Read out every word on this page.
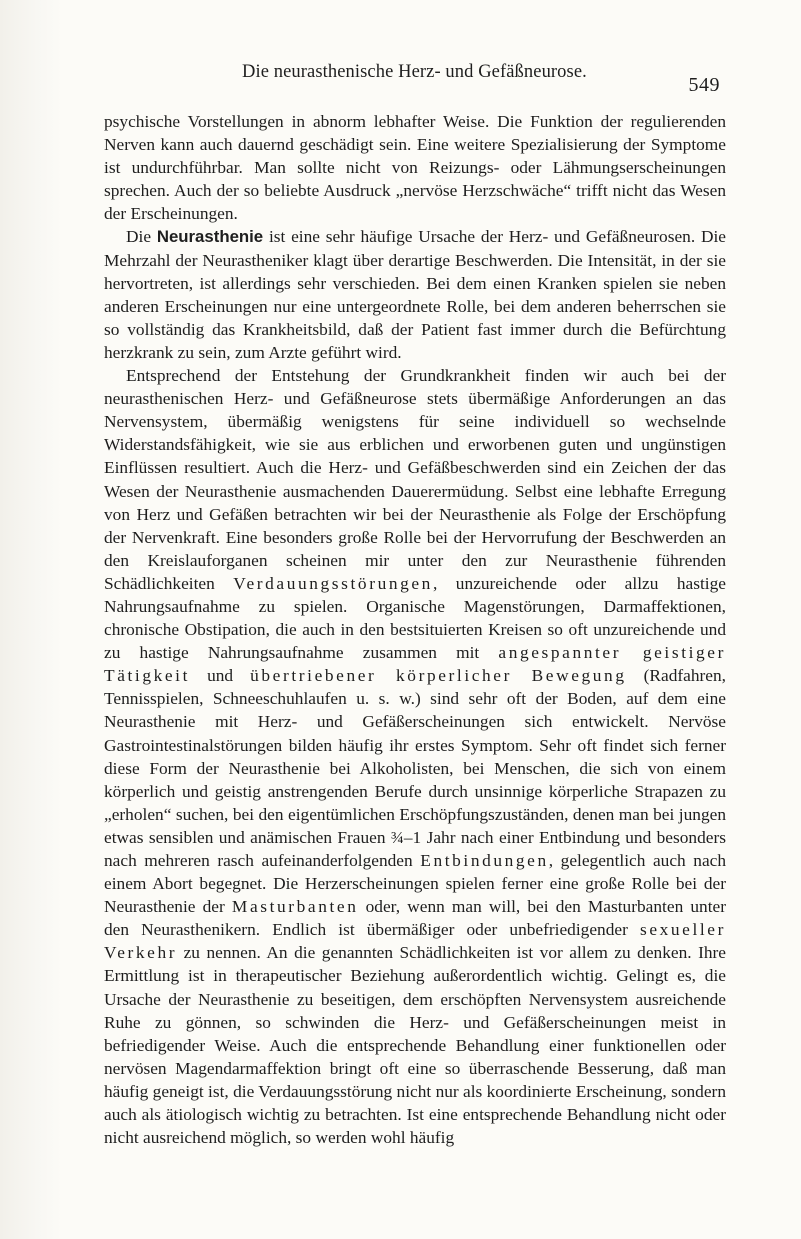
Die neurasthenische Herz- und Gefäßneurose.
549

psychische Vorstellungen in abnorm lebhafter Weise. Die Funktion der regulierenden Nerven kann auch dauernd geschädigt sein. Eine weitere Spezialisierung der Symptome ist undurchführbar. Man sollte nicht von Reizungs- oder Lähmungserscheinungen sprechen. Auch der so beliebte Ausdruck „nervöse Herzschwäche“ trifft nicht das Wesen der Erscheinungen.

Die Neurasthenie ist eine sehr häufige Ursache der Herz- und Gefäßneurosen. Die Mehrzahl der Neurastheniker klagt über derartige Beschwerden. Die Intensität, in der sie hervortreten, ist allerdings sehr verschieden. Bei dem einen Kranken spielen sie neben anderen Erscheinungen nur eine untergeordnete Rolle, bei dem anderen beherrschen sie so vollständig das Krankheitsbild, daß der Patient fast immer durch die Befürchtung herzkrank zu sein, zum Arzte geführt wird.

Entsprechend der Entstehung der Grundkrankheit finden wir auch bei der neurasthenischen Herz- und Gefäßneurose stets übermäßige Anforderungen an das Nervensystem, übermäßig wenigstens für seine individuell so wechselnde Widerstandsfähigkeit, wie sie aus erblichen und erworbenen guten und ungünstigen Einflüssen resultiert. Auch die Herz- und Gefäßbeschwerden sind ein Zeichen der das Wesen der Neurasthenie ausmachenden Dauerermüdung. Selbst eine lebhafte Erregung von Herz und Gefäßen betrachten wir bei der Neurasthenie als Folge der Erschöpfung der Nervenkraft. Eine besonders große Rolle bei der Hervorrufung der Beschwerden an den Kreislauforganen scheinen mir unter den zur Neurasthenie führenden Schädlichkeiten Verdauungsstörungen, unzureichende oder allzu hastige Nahrungsaufnahme zu spielen. Organische Magenstörungen, Darmaffektionen, chronische Obstipation, die auch in den bestsituierten Kreisen so oft unzureichende und zu hastige Nahrungsaufnahme zusammen mit angespannter geistiger Tätigkeit und übertriebener körperlicher Bewegung (Radfahren, Tennisspielen, Schneeschuhlaufen u. s. w.) sind sehr oft der Boden, auf dem eine Neurasthenie mit Herz- und Gefäßerscheinungen sich entwickelt. Nervöse Gastrointestinalstörungen bilden häufig ihr erstes Symptom. Sehr oft findet sich ferner diese Form der Neurasthenie bei Alkoholisten, bei Menschen, die sich von einem körperlich und geistig anstrengenden Berufe durch unsinnige körperliche Strapazen zu „erholen“ suchen, bei den eigentümlichen Erschöpfungszuständen, denen man bei jungen etwas sensiblen und anämischen Frauen ¾–1 Jahr nach einer Entbindung und besonders nach mehreren rasch aufeinanderfolgenden Entbindungen, gelegentlich auch nach einem Abort begegnet. Die Herzerscheinungen spielen ferner eine große Rolle bei der Neurasthenie der Masturbanten oder, wenn man will, bei den Masturbanten unter den Neurasthenikern. Endlich ist übermäßiger oder unbefriedigender sexueller Verkehr zu nennen. An die genannten Schädlichkeiten ist vor allem zu denken. Ihre Ermittlung ist in therapeutischer Beziehung außerordentlich wichtig. Gelingt es, die Ursache der Neurasthenie zu beseitigen, dem erschöpften Nervensystem ausreichende Ruhe zu gönnen, so schwinden die Herz- und Gefäßerscheinungen meist in befriedigender Weise. Auch die entsprechende Behandlung einer funktionellen oder nervösen Magendarmaffektion bringt oft eine so überraschende Besserung, daß man häufig geneigt ist, die Verdauungsstörung nicht nur als koordinierte Erscheinung, sondern auch als ätiologisch wichtig zu betrachten. Ist eine entsprechende Behandlung nicht oder nicht ausreichend möglich, so werden wohl häufig
